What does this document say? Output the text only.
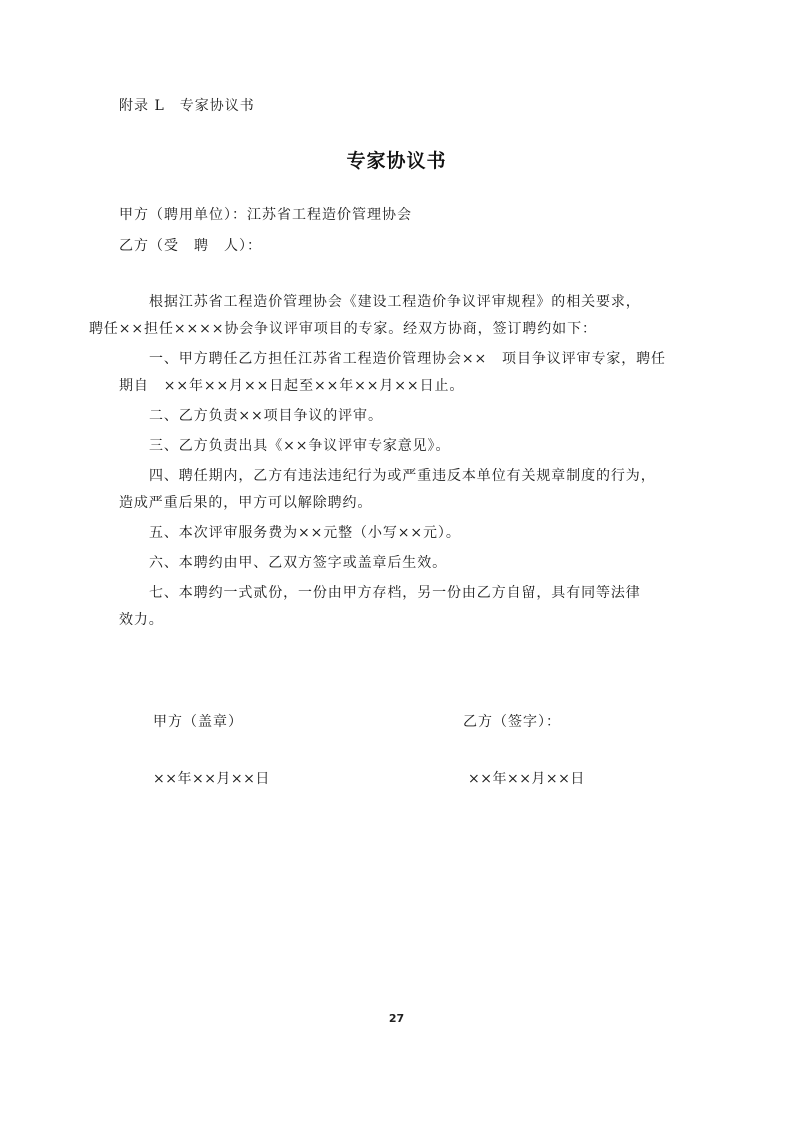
附录 L　专家协议书
专家协议书
甲方（聘用单位）：江苏省工程造价管理协会
乙方（受　聘　人）：

根据江苏省工程造价管理协会《建设工程造价争议评审规程》的相关要求，
聘任××担任××××协会争议评审项目的专家。经双方协商，签订聘约如下：

一、甲方聘任乙方担任江苏省工程造价管理协会××　项目争议评审专家，聘任
期自　××年××月××日起至××年××月××日止。

二、乙方负责××项目争议的评审。

三、乙方负责出具《××争议评审专家意见》。

四、聘任期内，乙方有违法违纪行为或严重违反本单位有关规章制度的行为，
造成严重后果的，甲方可以解除聘约。

五、本次评审服务费为××元整（小写××元）。

六、本聘约由甲、乙双方签字或盖章后生效。

七、本聘约一式贰份，一份由甲方存档，另一份由乙方自留，具有同等法律
效力。

甲方（盖章）	乙方（签字）：
××年××月××日	××年××月××日
27
